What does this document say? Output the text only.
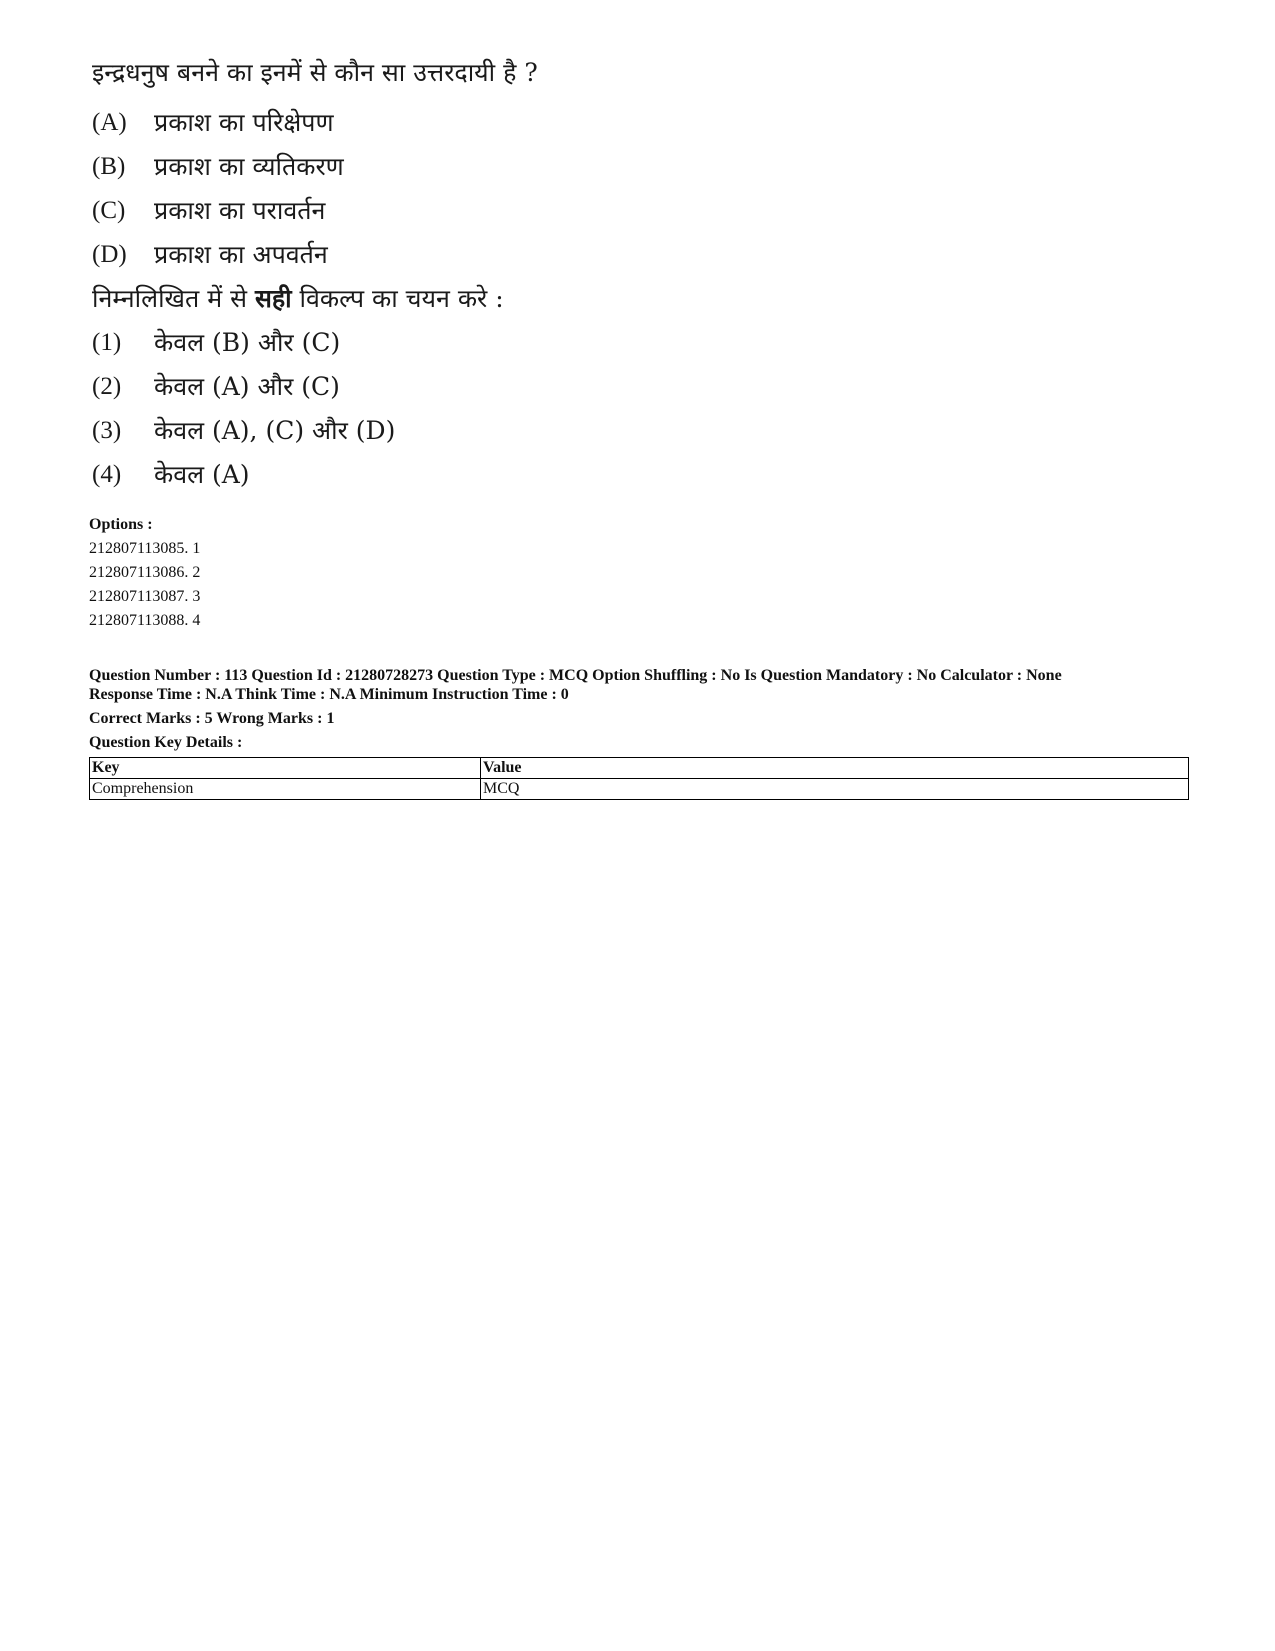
इन्द्रधनुष बनने का इनमें से कौन सा उत्तरदायी है ?
(A)	प्रकाश का परिक्षेपण
(B)	प्रकाश का व्यतिकरण
(C)	प्रकाश का परावर्तन
(D)	प्रकाश का अपवर्तन
निम्नलिखित में से सही विकल्प का चयन करे :
(1)	केवल (B) और (C)
(2)	केवल (A) और (C)
(3)	केवल (A), (C) और (D)
(4)	केवल (A)
Options :
212807113085. 1
212807113086. 2
212807113087. 3
212807113088. 4
Question Number : 113 Question Id : 21280728273 Question Type : MCQ Option Shuffling : No Is Question Mandatory : No Calculator : None
Response Time : N.A Think Time : N.A Minimum Instruction Time : 0
Correct Marks : 5 Wrong Marks : 1
Question Key Details :
Key	Value
Comprehension	MCQ
